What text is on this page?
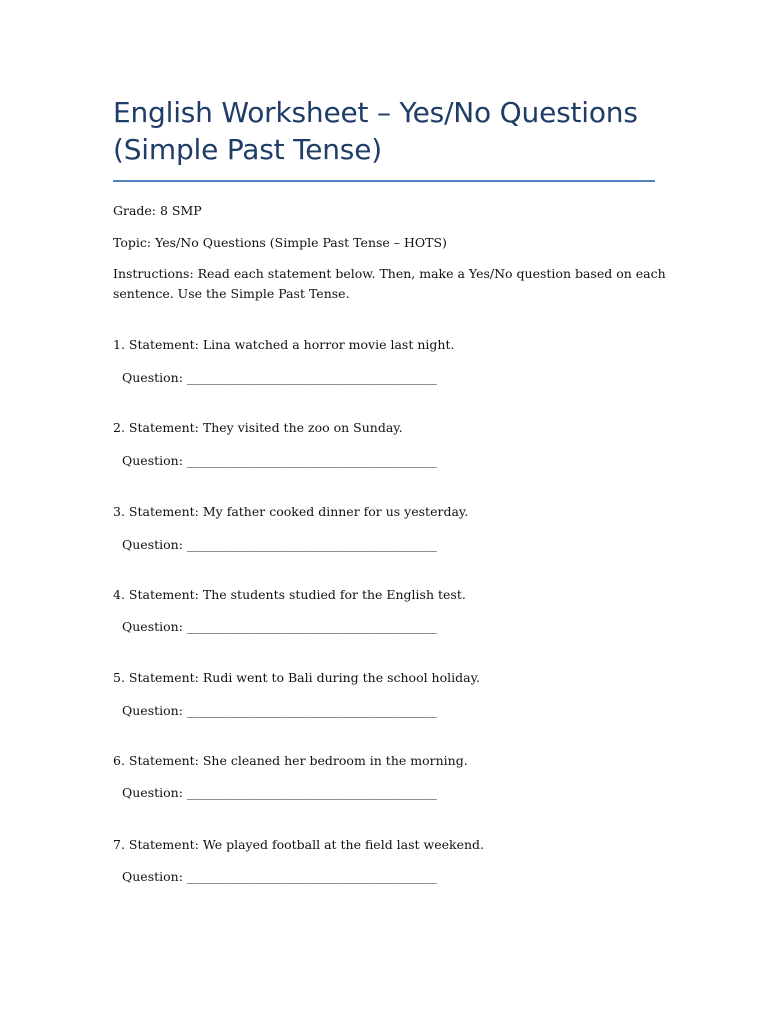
English Worksheet – Yes/No Questions
(Simple Past Tense)

Grade: 8 SMP

Topic: Yes/No Questions (Simple Past Tense – HOTS)

Instructions: Read each statement below. Then, make a Yes/No question based on each

sentence. Use the Simple Past Tense.

1. Statement: Lina watched a horror movie last night.

Question: ________________________________________

2. Statement: They visited the zoo on Sunday.

Question: ________________________________________

3. Statement: My father cooked dinner for us yesterday.

Question: ________________________________________

4. Statement: The students studied for the English test.

Question: ________________________________________

5. Statement: Rudi went to Bali during the school holiday.

Question: ________________________________________

6. Statement: She cleaned her bedroom in the morning.

Question: ________________________________________

7. Statement: We played football at the field last weekend.

Question: ________________________________________
